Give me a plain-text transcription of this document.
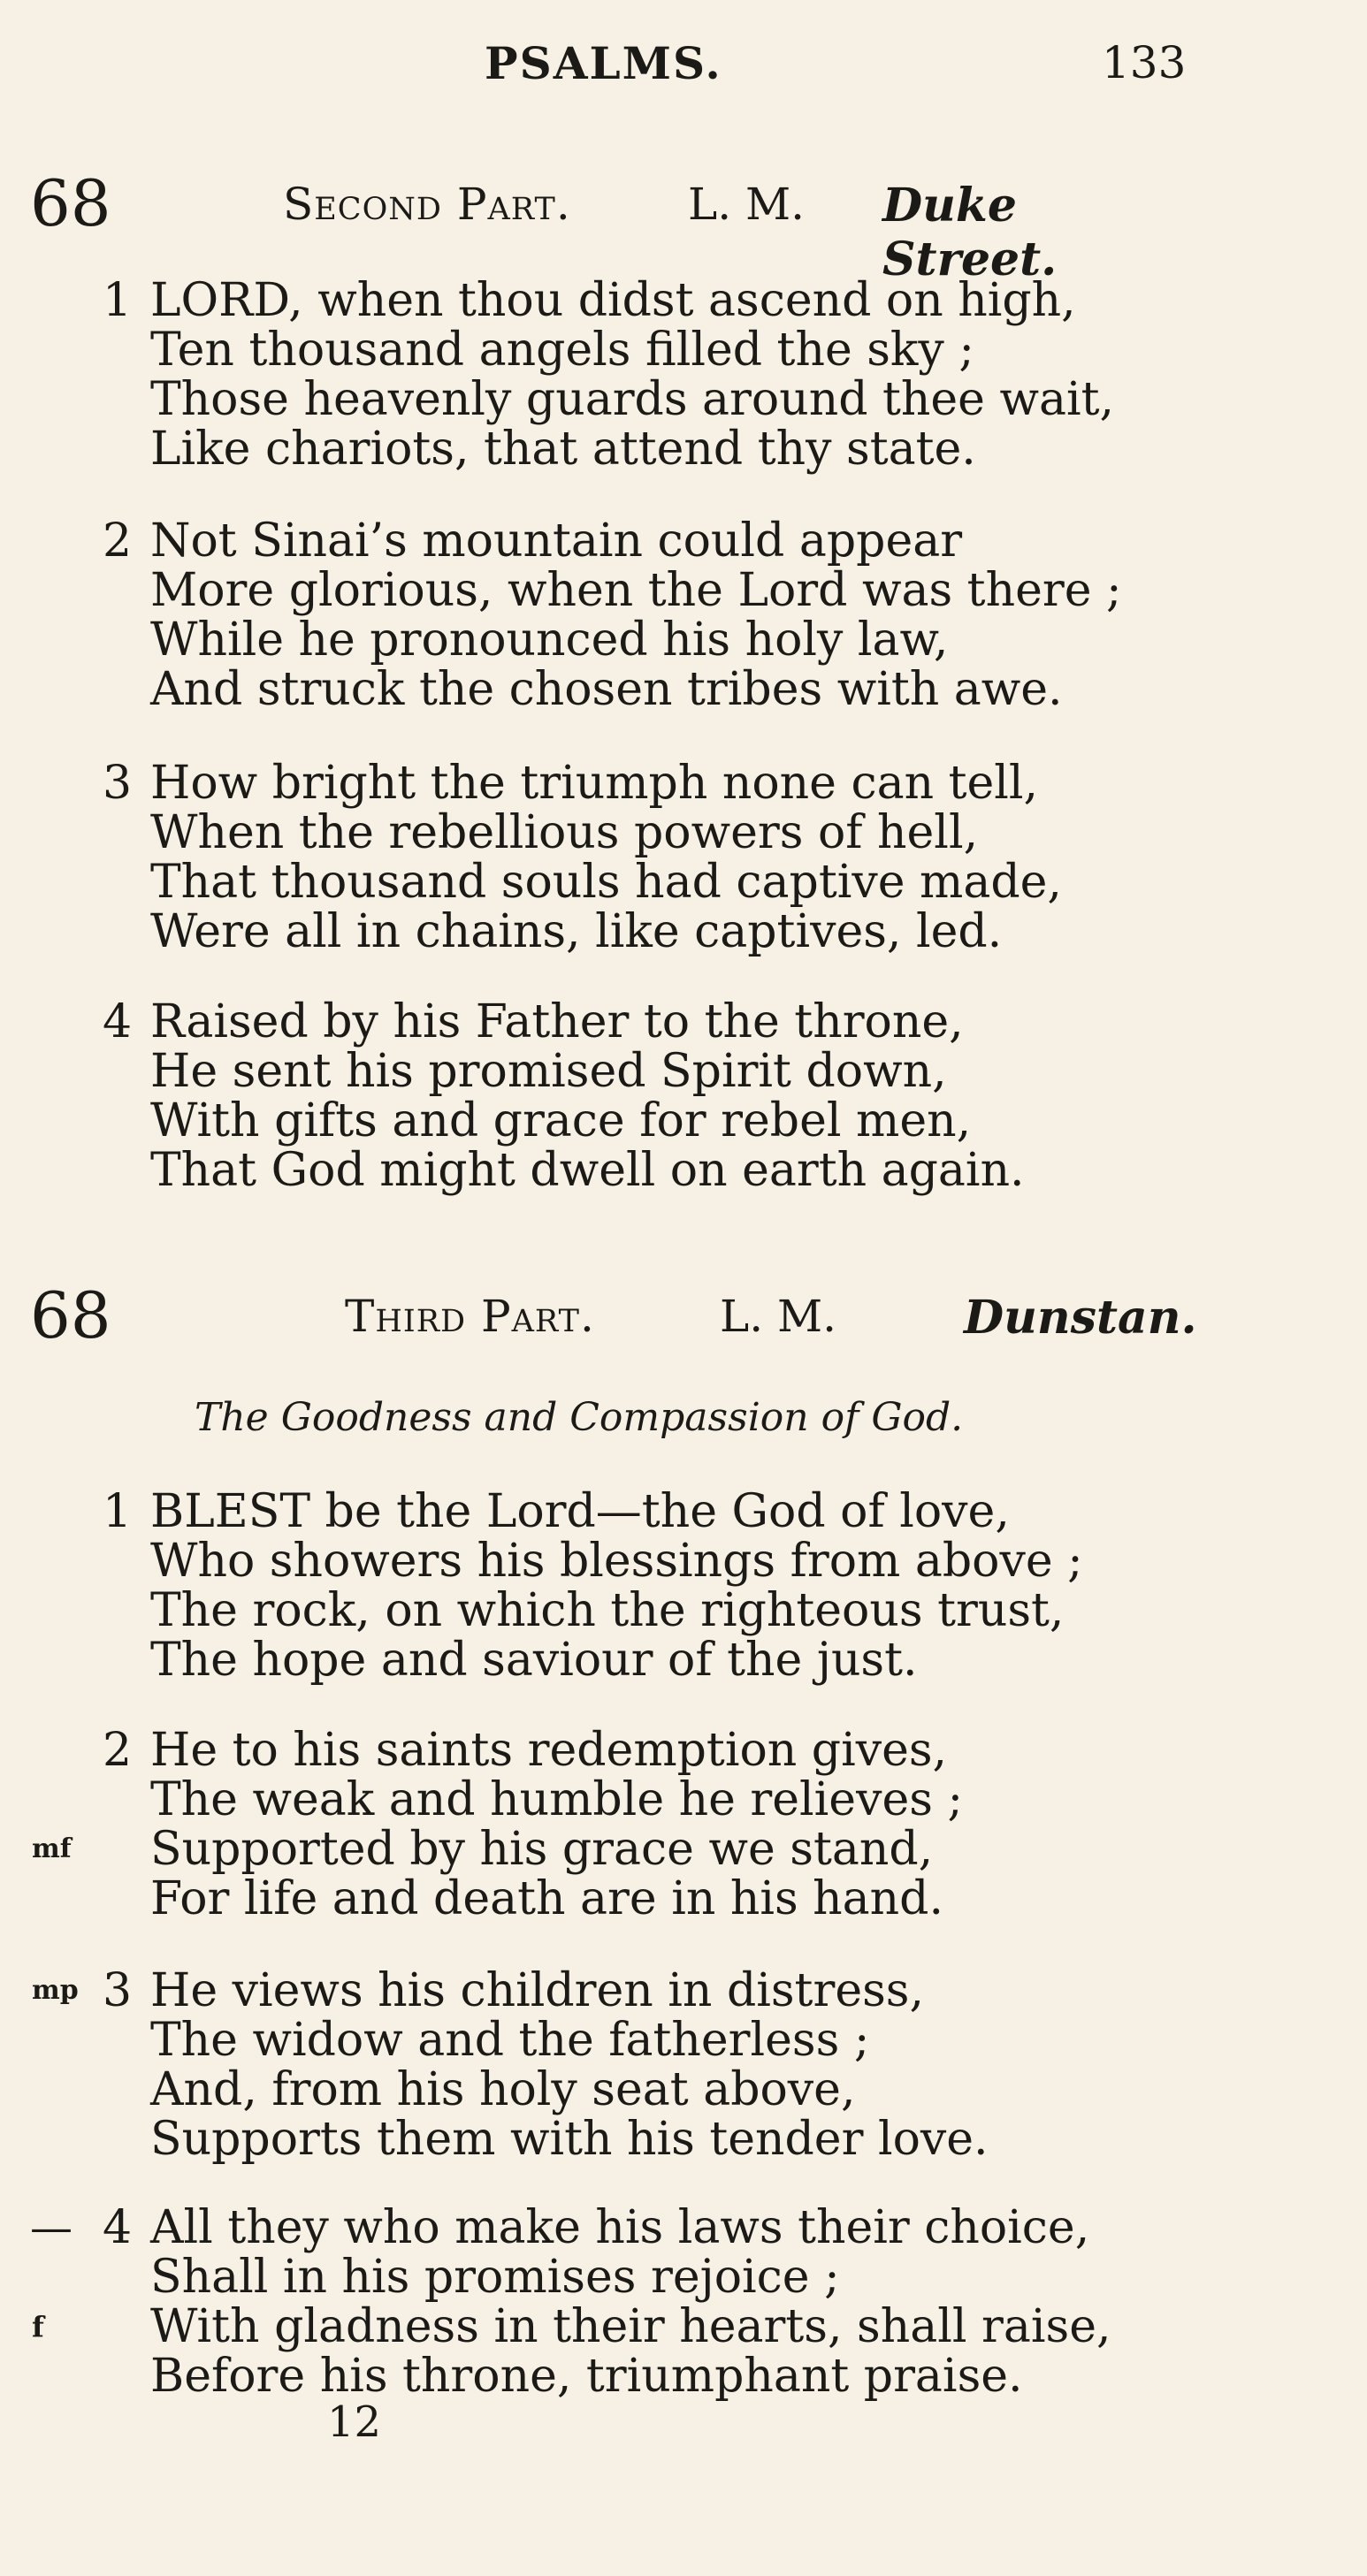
PSALMS.	133
68	Second Part.	L. M. Duke Street.
1 LORD, when thou didst ascend on high,
Ten thousand angels filled the sky ;
Those heavenly guards around thee wait,
Like chariots, that attend thy state.
2 Not Sinai’s mountain could appear
More glorious, when the Lord was there ;
While he pronounced his holy law,
And struck the chosen tribes with awe.
3 How bright the triumph none can tell,
When the rebellious powers of hell,
That thousand souls had captive made,
Were all in chains, like captives, led.
4 Raised by his Father to the throne,
He sent his promised Spirit down,
With gifts and grace for rebel men,
That God might dwell on earth again.
68	Third Part.	L. M.	Dunstan.
The Goodness and Compassion of God.
1 BLEST be the Lord—the God of love,
Who showers his blessings from above ;
The rock, on which the righteous trust,
The hope and saviour of the just.
2 He to his saints redemption gives,
The weak and humble he relieves ;
mf Supported by his grace we stand,
For life and death are in his hand.
mp 3 He views his children in distress,
The widow and the fatherless ;
And, from his holy seat above,
Supports them with his tender love.
— 4 All they who make his laws their choice,
Shall in his promises rejoice ;
f With gladness in their hearts, shall raise,
Before his throne, triumphant praise.
12
